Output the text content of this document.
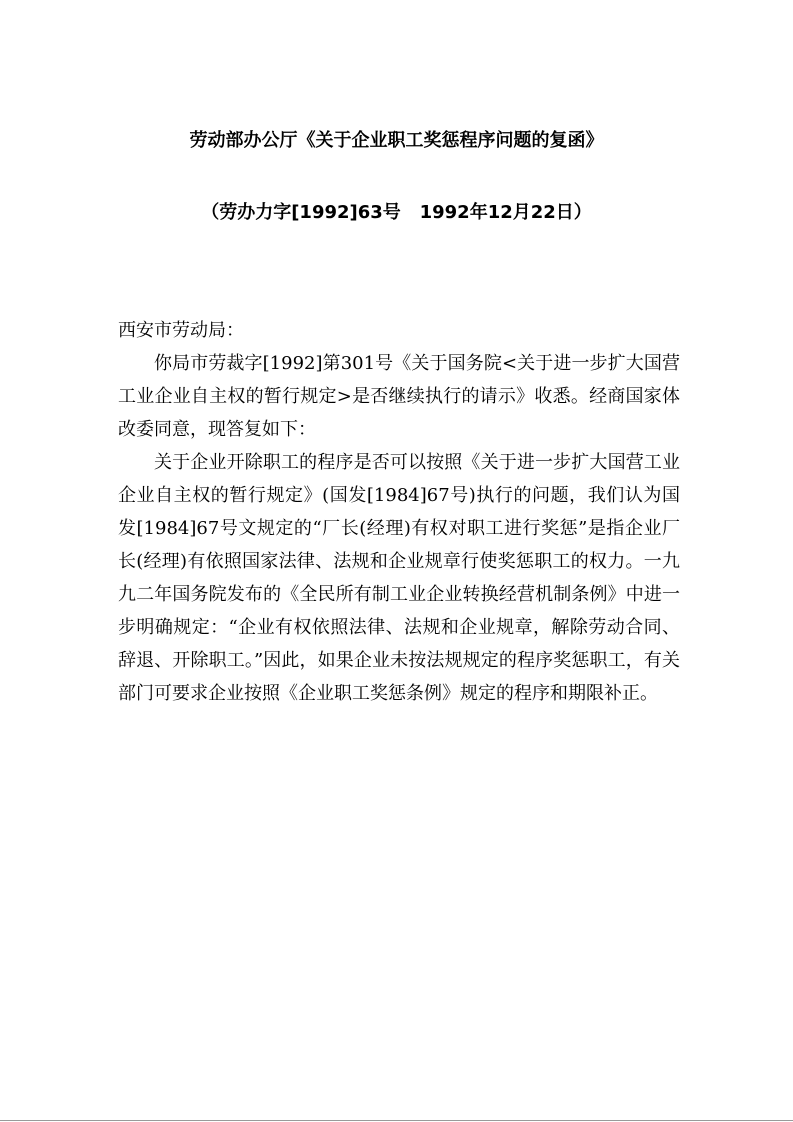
劳动部办公厅《关于企业职工奖惩程序问题的复函》
（劳办力字[1992]63号   1992年12月22日）

西安市劳动局：

你局市劳裁字[1992]第301号《关于国务院<关于进一步扩大国营工业企业自主权的暂行规定>是否继续执行的请示》收悉。经商国家体改委同意，现答复如下：

关于企业开除职工的程序是否可以按照《关于进一步扩大国营工业企业自主权的暂行规定》(国发[1984]67号)执行的问题，我们认为国发[1984]67号文规定的“厂长(经理)有权对职工进行奖惩”是指企业厂长(经理)有依照国家法律、法规和企业规章行使奖惩职工的权力。一九九二年国务院发布的《全民所有制工业企业转换经营机制条例》中进一步明确规定：“企业有权依照法律、法规和企业规章，解除劳动合同、辞退、开除职工。”因此，如果企业未按法规规定的程序奖惩职工，有关部门可要求企业按照《企业职工奖惩条例》规定的程序和期限补正。
